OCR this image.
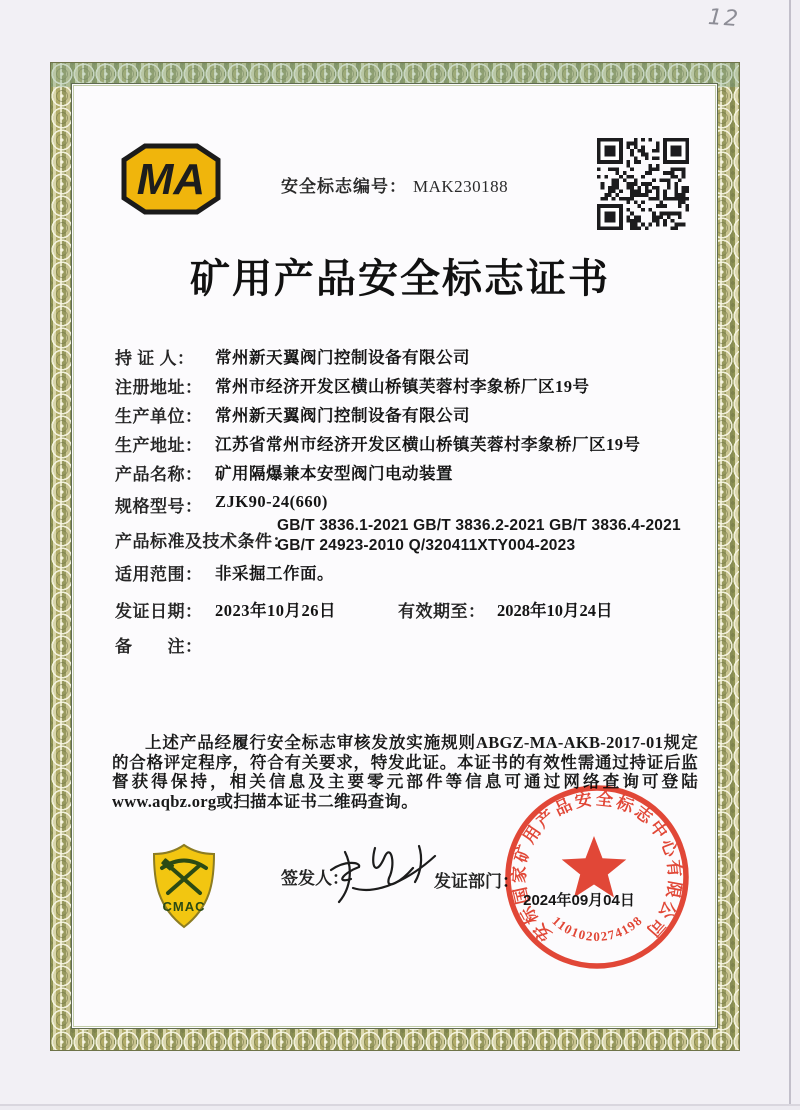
12
MA	安全标志编号： MAK230188
矿用产品安全标志证书
持 证 人： 常州新天翼阀门控制设备有限公司
注册地址： 常州市经济开发区横山桥镇芙蓉村李象桥厂区19号
生产单位： 常州新天翼阀门控制设备有限公司
生产地址： 江苏省常州市经济开发区横山桥镇芙蓉村李象桥厂区19号
产品名称： 矿用隔爆兼本安型阀门电动装置
规格型号： ZJK90-24(660)
产品标准及技术条件：
GB/T 3836.1-2021 GB/T 3836.2-2021 GB/T 3836.4-2021 GB/T 24923-2010 Q/320411XTY004-2023
适用范围： 非采掘工作面。
发证日期： 2023年10月26日	有效期至： 2028年10月24日
备　　注：
上述产品经履行安全标志审核发放实施规则ABGZ-MA-AKB-2017-01规定的合格评定程序，符合有关要求，特发此证。本证书的有效性需通过持证后监督获得保持，相关信息及主要零元部件等信息可通过网络查询可登陆www.aqbz.org或扫描本证书二维码查询。
CMAC
签发人：	发证部门：
安标国家矿用产品安全标志中心有限公司
1101020274198
2024年09月04日
